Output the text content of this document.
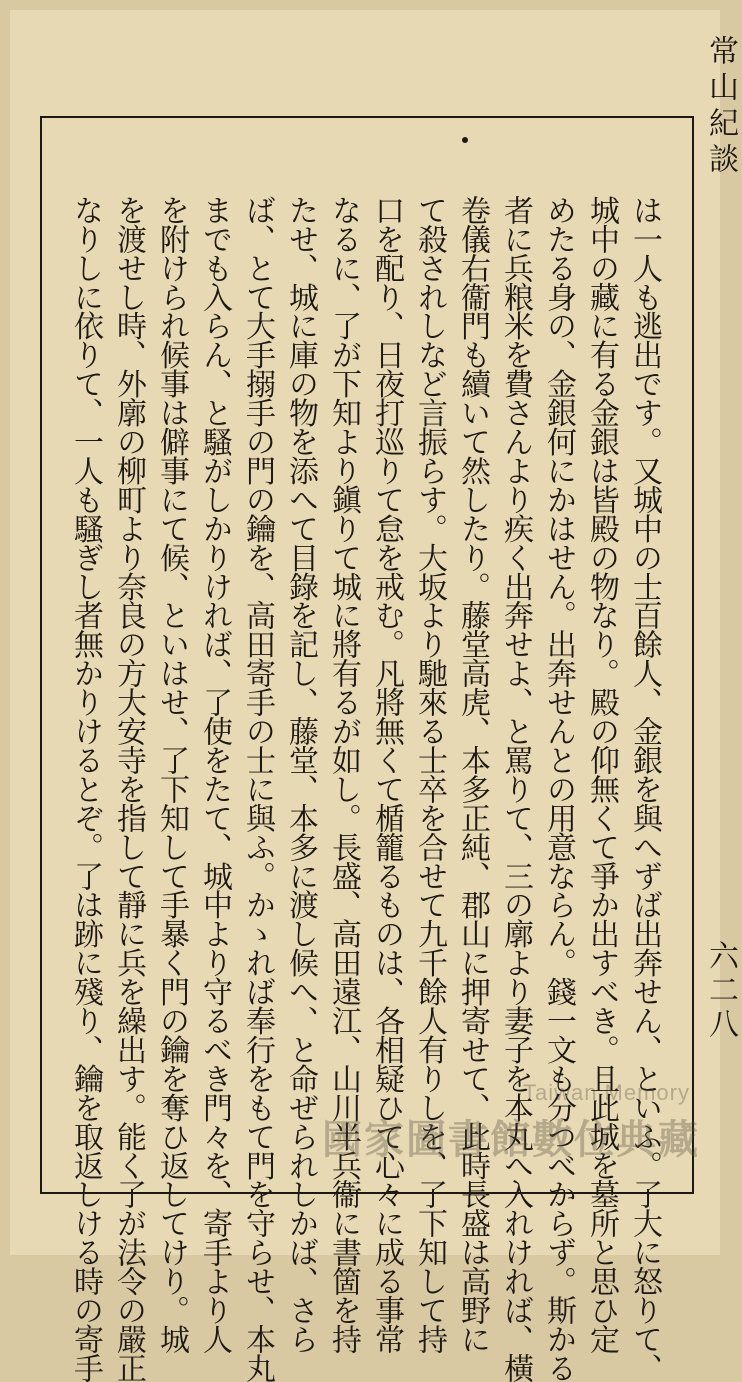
常山紀談
は一人も逃出です。又城中の士百餘人、金銀を與へずば出奔せん、といふ。了大に怒りて、
城中の藏に有る金銀は皆殿の物なり。殿の仰無くて爭か出すべき。且此城を墓所と思ひ定
めたる身の、金銀何にかはせん。出奔せんとの用意ならん。錢一文も分つべからず。斯かる
者に兵粮米を費さんより疾く出奔せよ、と罵りて、三の廓より妻子を本丸へ入れければ、橫
卷儀右衞門も續いて然したり。藤堂高虎、本多正純、郡山に押寄せて、此時長盛は高野に
て殺されしなど言振らす。大坂より馳來る士卒を合せて九千餘人有りしを、了下知して持
口を配り、日夜打巡りて怠を戒む。凡將無くて楯籠るものは、各相疑ひて心々に成る事常
なるに、了が下知より鎭りて城に將有るが如し。長盛、高田遠江、山川半兵衞に書箇を持
たせ、城に庫の物を添へて目錄を記し、藤堂、本多に渡し候へ、と命ぜられしかば、さら
ば、とて大手搦手の門の鑰を、高田寄手の士に與ふ。かゝれば奉行をもて門を守らせ、本丸
までも入らん、と騷がしかりければ、了使をたて、城中より守るべき門々を、寄手より人
を附けられ候事は僻事にて候、といはせ、了下知して手暴く門の鑰を奪ひ返してけり。城
を渡せし時、外廓の柳町より奈良の方大安寺を指して靜に兵を繰出す。能く了が法令の嚴正
なりしに依りて、一人も騷ぎし者無かりけるとぞ。了は跡に殘り、鑰を取返しける時の寄手	六二八
Taiwan Memory
國家圖書館數位典藏
